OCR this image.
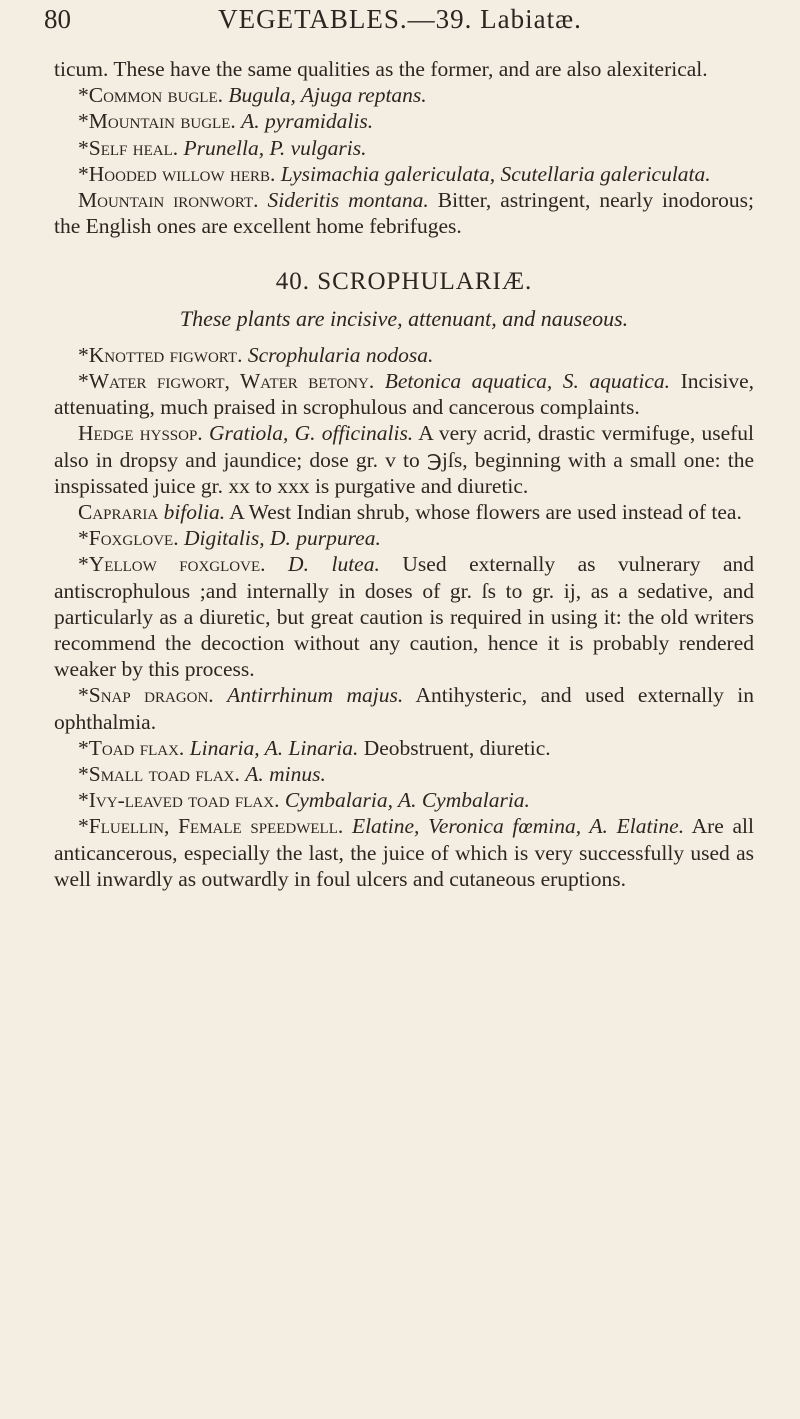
80	VEGETABLES.—39. Labiatæ.

ticum. These have the same qualities as the former, and are also alexiterical.

*Common bugle. Bugula, Ajuga reptans.

*Mountain bugle. A. pyramidalis.

*Self heal. Prunella, P. vulgaris.

*Hooded willow herb. Lysimachia galericulata, Scutellaria galericulata.

Mountain ironwort. Sideritis montana. Bitter, astringent, nearly inodorous; the English ones are excellent home febrifuges.

40. SCROPHULARIÆ.
These plants are incisive, attenuant, and nauseous.

*Knotted figwort. Scrophularia nodosa.

*Water figwort, Water betony. Betonica aquatica, S. aquatica. Incisive, attenuating, much praised in scrophulous and cancerous complaints.

Hedge hyssop. Gratiola, G. officinalis. A very acrid, drastic vermifuge, useful also in dropsy and jaundice; dose gr. v to ℈jſs, beginning with a small one: the inspissated juice gr. xx to xxx is purgative and diuretic.

Capraria bifolia. A West Indian shrub, whose flowers are used instead of tea.

*Foxglove. Digitalis, D. purpurea.

*Yellow foxglove. D. lutea. Used externally as vulnerary and antiscrophulous ;and internally in doses of gr. ſs to gr. ij, as a sedative, and particularly as a diuretic, but great caution is required in using it: the old writers recommend the decoction without any caution, hence it is probably rendered weaker by this process.

*Snap dragon. Antirrhinum majus. Antihysteric, and used externally in ophthalmia.

*Toad flax. Linaria, A. Linaria. Deobstruent, diuretic.

*Small toad flax. A. minus.

*Ivy-leaved toad flax. Cymbalaria, A. Cymbalaria.

*Fluellin, Female speedwell. Elatine, Veronica fœmina, A. Elatine. Are all anticancerous, especially the last, the juice of which is very successfully used as well inwardly as outwardly in foul ulcers and cutaneous eruptions.
